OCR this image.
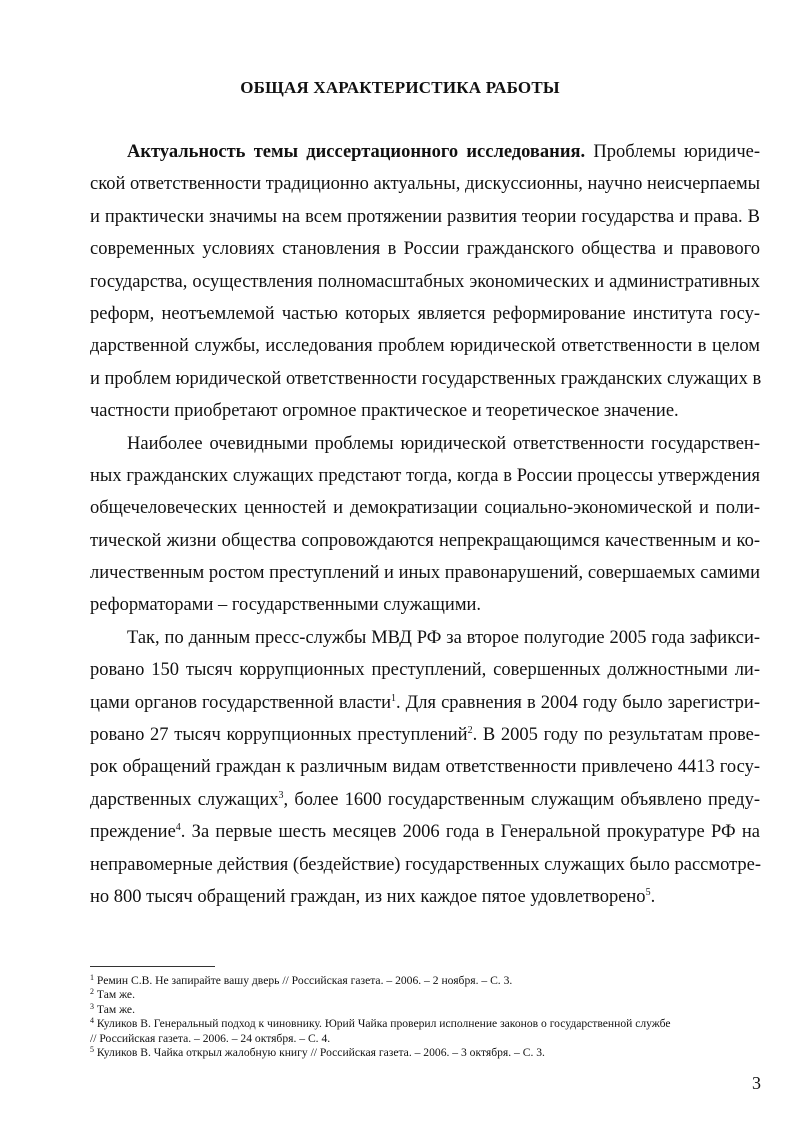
ОБЩАЯ ХАРАКТЕРИСТИКА РАБОТЫ
Актуальность темы диссертационного исследования. Проблемы юридиче-
ской ответственности традиционно актуальны, дискуссионны, научно неисчерпаемы
и практически значимы на всем протяжении развития теории государства и права. В
современных условиях становления в России гражданского общества и правового
государства, осуществления полномасштабных экономических и административных
реформ, неотъемлемой частью которых является реформирование института госу-
дарственной службы, исследования проблем юридической ответственности в целом
и проблем юридической ответственности государственных гражданских служащих в
частности приобретают огромное практическое и теоретическое значение.
Наиболее очевидными проблемы юридической ответственности государствен-
ных гражданских служащих предстают тогда, когда в России процессы утверждения
общечеловеческих ценностей и демократизации социально-экономической и поли-
тической жизни общества сопровождаются непрекращающимся качественным и ко-
личественным ростом преступлений и иных правонарушений, совершаемых самими
реформаторами – государственными служащими.
Так, по данным пресс-службы МВД РФ за второе полугодие 2005 года зафикси-
ровано 150 тысяч коррупционных преступлений, совершенных должностными ли-
цами органов государственной власти$^1$. Для сравнения в 2004 году было зарегистри-
ровано 27 тысяч коррупционных преступлений$^2$. В 2005 году по результатам прове-
рок обращений граждан к различным видам ответственности привлечено 4413 госу-
дарственных служащих$^3$, более 1600 государственным служащим объявлено преду-
преждение$^4$. За первые шесть месяцев 2006 года в Генеральной прокуратуре РФ на
неправомерные действия (бездействие) государственных служащих было рассмотре-
но 800 тысяч обращений граждан, из них каждое пятое удовлетворено$^5$.
$^1$ Ремин С.В. Не запирайте вашу дверь // Российская газета. – 2006. – 2 ноября. – С. 3.
$^2$ Там же.
$^3$ Там же.
$^4$ Куликов В. Генеральный подход к чиновнику. Юрий Чайка проверил исполнение законов о государственной службе
// Российская газета. – 2006. – 24 октября. – С. 4.
$^5$ Куликов В. Чайка открыл жалобную книгу // Российская газета. – 2006. – 3 октября. – С. 3.
3
